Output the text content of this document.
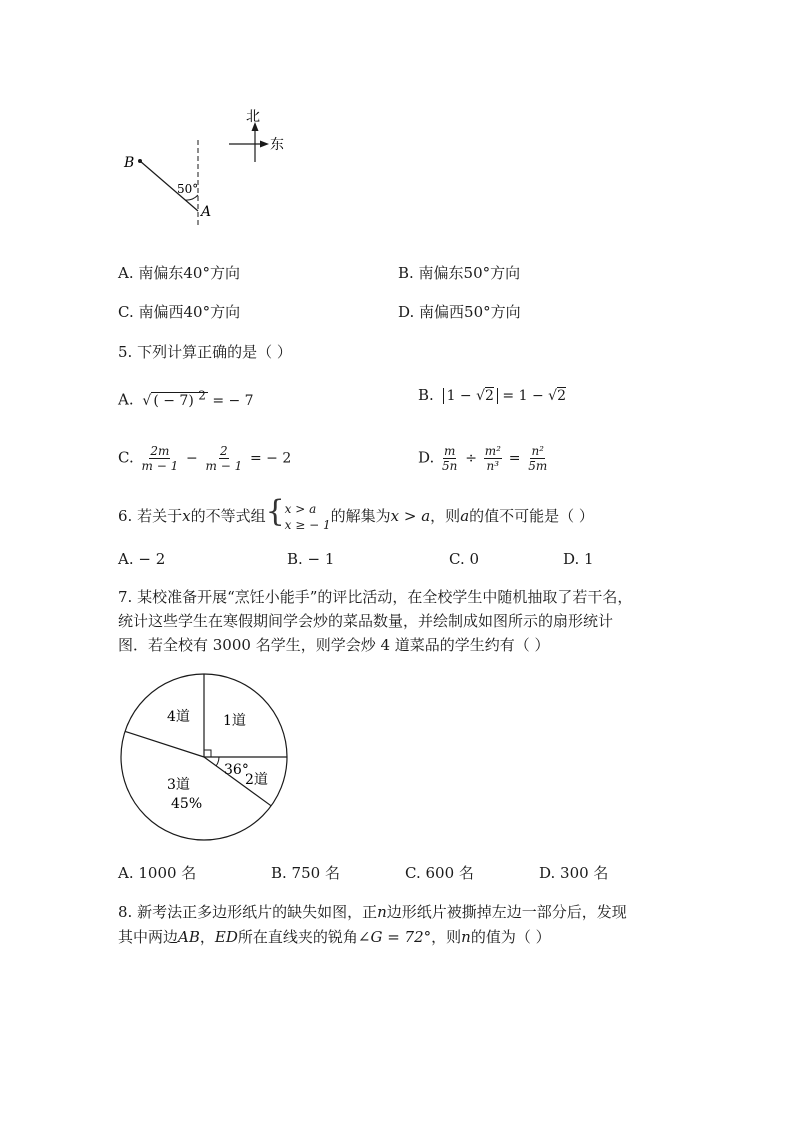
北
东
B
A
50°
A. 南偏东40°方向	B. 南偏东50°方向
C. 南偏西40°方向	D. 南偏西50°方向
5. 下列计算正确的是（ ）
A. √ ( − 7) $^2$ = − 7	B. 1 − √2 = 1 − √2
C. $\frac{2m}{m - 1} - \frac{2}{m - 1}$ = − 2	D. $\frac{m}{5n} \div \frac{\text{m²}}{\text{n³}} = \frac{\text{n²}}{5m}$
6. 若关于x的不等式组{ x > a
x ≥ − 1 的解集为x > a，则a的值不可能是（ ）
A. − 2	B. − 1	C. 0	D. 1
7. 某校准备开展“烹饪小能手”的评比活动，在全校学生中随机抽取了若干名，
统计这些学生在寒假期间学会炒的菜品数量，并绘制成如图所示的扇形统计
图．若全校有 3000 名学生，则学会炒 4 道菜品的学生约有（ ）
4道 1道
2道
3道
45%
36°
A. 1000 名	B. 750 名	C. 600 名	D. 300 名
8. 新考法正多边形纸片的缺失如图，正n边形纸片被撕掉左边一部分后，发现
其中两边AB，ED所在直线夹的锐角∠G = 72°，则n的值为（ ）
